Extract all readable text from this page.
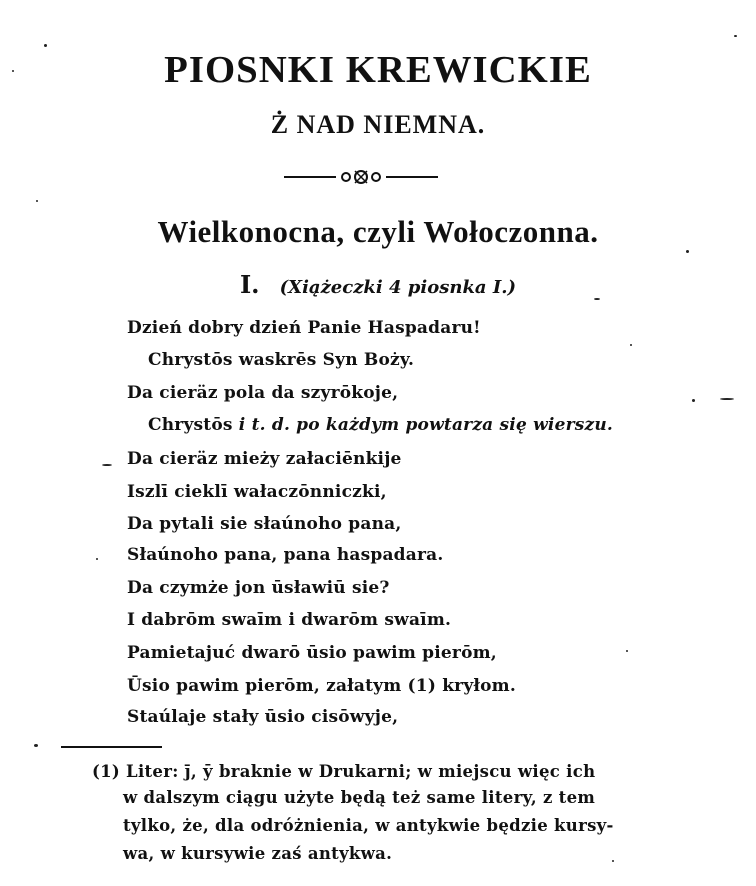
PIOSNKI KREWICKIE
Ż NAD NIEMNA.
Wielkonocna, czyli Wołoczonna.
I. (Xiążeczki 4 piosnka I.)
Dzień dobry dzień Panie Haspadaru!
Chrystōs waskrēs Syn Boży.
Da cieräz pola da szyrōkoje,
Chrystōs i t. d. po każdym powtarza się wierszu.
Da cieräz mieży załaciēnkije
Iszlī cieklī wałaczōnniczki,
Da pytali sie słaúnoho pana,
Słaúnoho pana, pana haspadara.
Da czymże jon ūsławiū sie?
I dabrōm swaīm i dwarōm swaīm.
Pamietajuć dwarō ūsio pawim pierōm,
Ūsio pawim pierōm, załatym (1) kryłom.
Staúlaje stały ūsio cisōwyje,
(1) Liter: j̄, ȳ braknie w Drukarni; w miejscu więc ich
w dalszym ciągu użyte będą też same litery, z tem
tylko, że, dla odróżnienia, w antykwie będzie kursy-
wa, w kursywie zaś antykwa.
